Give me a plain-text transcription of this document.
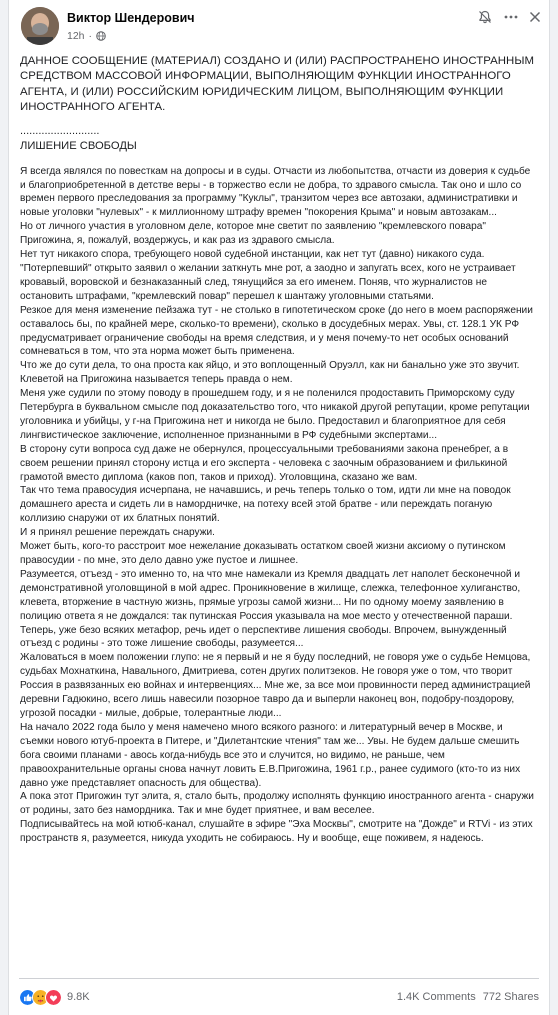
Виктор Шендерович
12h ·
ДАННОЕ СООБЩЕНИЕ (МАТЕРИАЛ) СОЗДАНО И (ИЛИ) РАСПРОСТРАНЕНО ИНОСТРАННЫМ СРЕДСТВОМ МАССОВОЙ ИНФОРМАЦИИ, ВЫПОЛНЯЮЩИМ ФУНКЦИИ ИНОСТРАННОГО АГЕНТА, И (ИЛИ) РОССИЙСКИМ ЮРИДИЧЕСКИМ ЛИЦОМ, ВЫПОЛНЯЮЩИМ ФУНКЦИИ ИНОСТРАННОГО АГЕНТА.
..........................
ЛИШЕНИЕ СВОБОДЫ

Я всегда являлся по повесткам на допросы и в суды. Отчасти из любопытства, отчасти из доверия к судьбе и благоприобретенной в детстве веры - в торжество если не добра, то здравого смысла. Так оно и шло со времен первого преследования за программу "Куклы", транзитом через все автозаки, административки и новые уголовки "нулевых" - к миллионному штрафу времен "покорения Крыма" и новым автозакам...

Но от личного участия в уголовном деле, которое мне светит по заявлению "кремлевского повара" Пригожина, я, пожалуй, воздержусь, и как раз из здравого смысла.

Нет тут никакого спора, требующего новой судебной инстанции, как нет тут (давно) никакого суда. "Потерпевший" открыто заявил о желании заткнуть мне рот, а заодно и запугать всех, кого не устраивает кровавый, воровской и безнаказанный след, тянущийся за его именем. Поняв, что журналистов не остановить штрафами, "кремлевский повар" перешел к шантажу уголовными статьями.

Резкое для меня изменение пейзажа тут - не столько в гипотетическом сроке (до него в моем распоряжении оставалось бы, по крайней мере, сколько-то времени), сколько в досудебных мерах. Увы, ст. 128.1 УК РФ предусматривает ограничение свободы на время следствия, и у меня почему-то нет особых оснований сомневаться в том, что эта норма может быть применена.

Что же до сути дела, то она проста как яйцо, и это воплощенный Оруэлл, как ни банально уже это звучит. Клеветой на Пригожина называется теперь правда о нем.

Меня уже судили по этому поводу в прошедшем году, и я не поленился продоставить Приморскому суду Петербурга в буквальном смысле под доказательство того, что никакой другой репутации, кроме репутации уголовника и убийцы, у г-на Пригожина нет и никогда не было. Предоставил и благоприятное для себя лингвистическое заключение, исполненное признанными в РФ судебными экспертами...

В сторону сути вопроса суд даже не обернулся, процессуальными требованиями закона пренебрег, а в своем решении принял сторону истца и его эксперта - человека с заочным образованием и филькиной грамотой вместо диплома (каков поп, таков и приход). Уголовщина, сказано же вам.

Так что тема правосудия исчерпана, не начавшись, и речь теперь только о том, идти ли мне на поводок домашнего ареста и сидеть ли в намордничке, на потеху всей этой братве - или переждать поганую коллизию снаружи от их блатных понятий.

И я принял решение переждать снаружи.

Может быть, кого-то расстроит мое нежелание доказывать остатком своей жизни аксиому о путинском правосудии - по мне, это дело давно уже пустое и лишнее.

Разумеется, отъезд - это именно то, на что мне намекали из Кремля двадцать лет наполет бесконечной и демонстративной уголовщиной в мой адрес. Проникновение в жилище, слежка, телефонное хулиганство, клевета, вторжение в частную жизнь, прямые угрозы самой жизни... Ни по одному моему заявлению в полицию ответа я не дождался: так путинская Россия указывала на мое место у отечественной параши. Теперь, уже безо всяких метафор, речь идет о перспективе лишения свободы. Впрочем, вынужденный отъезд с родины - это тоже лишение свободы, разумеется...

Жаловаться в моем положении глупо: не я первый и не я буду последний, не говоря уже о судьбе Немцова, судьбах Мохнаткина, Навального, Дмитриева, сотен других политзеков. Не говоря уже о том, что творит Россия в развязанных ею войнах и интервенциях... Мне же, за все мои провинности перед администрацией деревни Гадюкино, всего лишь навесили позорное тавро да и выперли наконец вон, подобру-поздорову, угрозой посадки - милые, добрые, толерантные люди...

На начало 2022 года было у меня намечено много всякого разного: и литературный вечер в Москве, и съемки нового ютуб-проекта в Питере, и "Дилетантские чтения" там же... Увы. Не будем дальше смешить бога своими планами - авось когда-нибудь все это и случится, но видимо, не раньше, чем правоохранительные органы снова начнут ловить Е.В.Пригожина, 1961 г.р., ранее судимого (кто-то из них давно уже представляет опасность для общества).

А пока этот Пригожин тут элита, я, стало быть, продолжу исполнять функцию иностранного агента - снаружи от родины, зато без намордника. Так и мне будет приятнее, и вам веселее.

Подписывайтесь на мой ютюб-канал, слушайте в эфире "Эха Москвы", смотрите на "Дожде" и RTVi - из этих пространств я, разумеется, никуда уходить не собираюсь. Ну и вообще, еще поживем, я надеюсь.

9.8K	1.4K Comments 772 Shares
